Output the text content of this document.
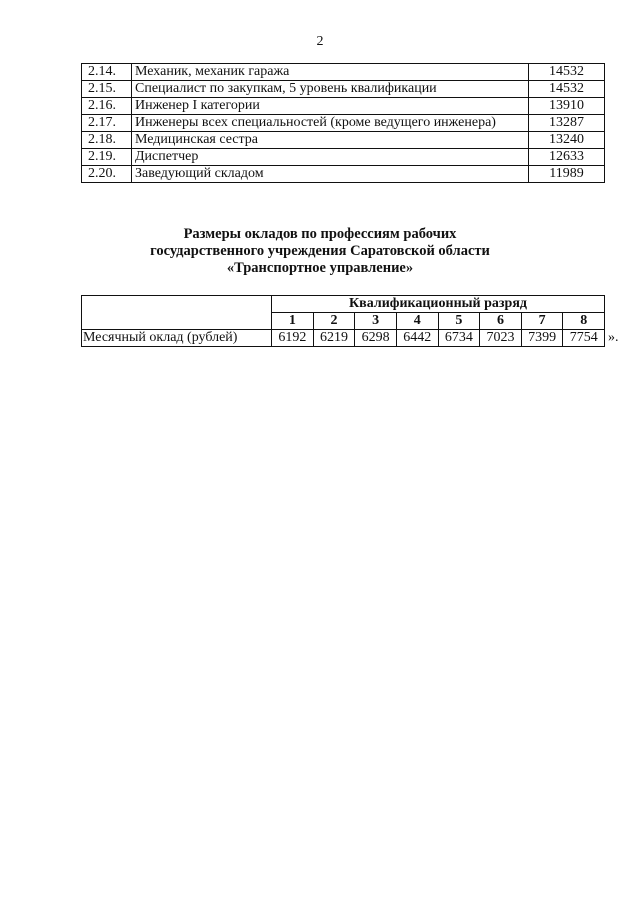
2
2.14.	Механик, механик гаража	14532
2.15.	Специалист по закупкам, 5 уровень квалификации	14532
2.16.	Инженер I категории	13910
2.17.	Инженеры всех специальностей (кроме ведущего инженера)	13287
2.18.	Медицинская сестра	13240
2.19.	Диспетчер	12633
2.20.	Заведующий складом	11989
Размеры окладов по профессиям рабочих
государственного учреждения Саратовской области
«Транспортное управление»
	Квалификационный разряд							
	1	2	3	4	5	6	7	8
Месячный оклад (рублей)	6192	6219	6298	6442	6734	7023	7399	7754 ».
